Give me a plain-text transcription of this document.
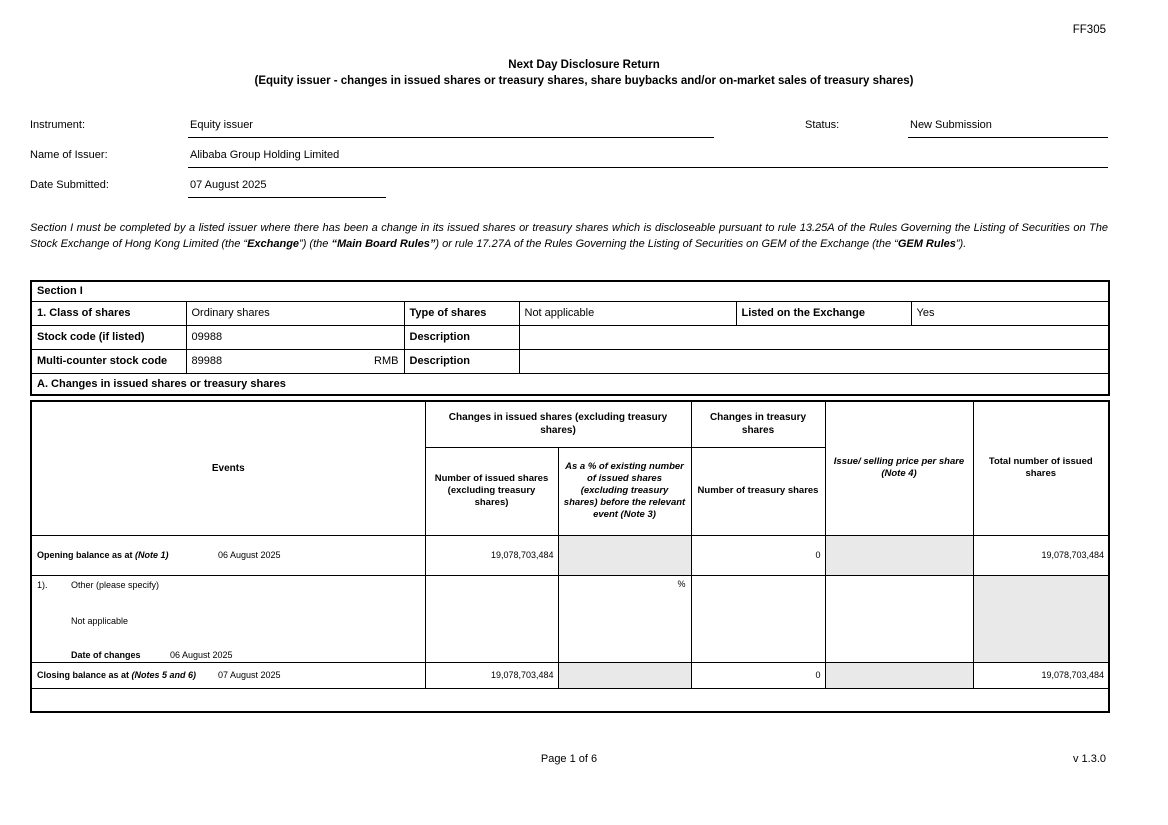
FF305
Next Day Disclosure Return
(Equity issuer - changes in issued shares or treasury shares, share buybacks and/or on-market sales of treasury shares)
Instrument:	Equity issuer	Status:	New Submission
Name of Issuer:	Alibaba Group Holding Limited
Date Submitted:	07 August 2025

Section I must be completed by a listed issuer where there has been a change in its issued shares or treasury shares which is discloseable pursuant to rule 13.25A of the Rules Governing the Listing of Securities on The Stock Exchange of Hong Kong Limited (the “Exchange”) (the “Main Board Rules”) or rule 17.27A of the Rules Governing the Listing of Securities on GEM of the Exchange (the “GEM Rules”).

Section I					
1. Class of shares	Ordinary shares	Type of shares	Not applicable	Listed on the Exchange	Yes
Stock code (if listed)	09988	Description			
Multi-counter stock code	89988 RMB	Description			
A. Changes in issued shares or treasury shares					
Events	Changes in issued shares (excluding treasury shares)		Changes in treasury shares	Issue/ selling price per share (Note 4)	Total number of issued shares
	Number of issued shares (excluding treasury shares)	As a % of existing number of issued shares (excluding treasury shares) before the relevant event (Note 3)	Number of treasury shares		
Opening balance as at (Note 1) 06 August 2025	19,078,703,484		0		19,078,703,484

1). Other (please specify)
Not applicable
Date of changes 06 August 2025		%			
Closing balance as at (Notes 5 and 6) 07 August 2025	19,078,703,484		0		19,078,703,484

Page 1 of 6	v 1.3.0
